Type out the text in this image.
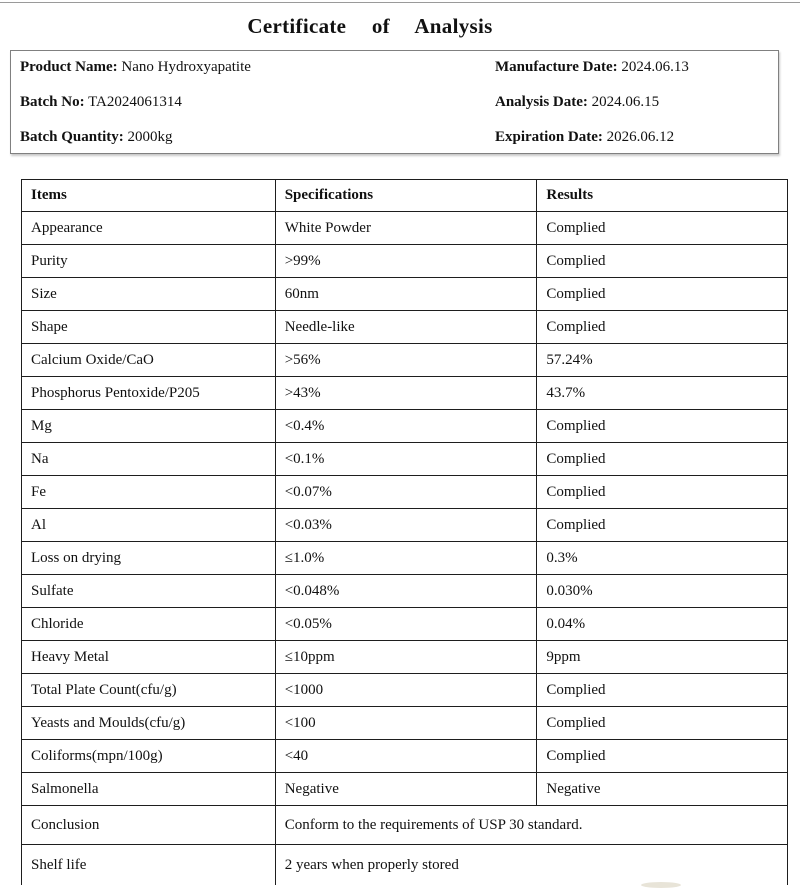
Certificate of Analysis
Product Name: Nano Hydroxyapatite
Batch No: TA2024061314
Batch Quantity: 2000kg
Manufacture Date: 2024.06.13
Analysis Date: 2024.06.15
Expiration Date: 2026.06.12
Items	Specifications	Results
Appearance	White Powder	Complied
Purity	>99%	Complied
Size	60nm	Complied
Shape	Needle-like	Complied
Calcium Oxide/CaO	>56%	57.24%
Phosphorus Pentoxide/P205	>43%	43.7%
Mg	<0.4%	Complied
Na	<0.1%	Complied
Fe	<0.07%	Complied
Al	<0.03%	Complied
Loss on drying	≤1.0%	0.3%
Sulfate	<0.048%	0.030%
Chloride	<0.05%	0.04%
Heavy Metal	≤10ppm	9ppm
Total Plate Count(cfu/g)	<1000	Complied
Yeasts and Moulds(cfu/g)	<100	Complied
Coliforms(mpn/100g)	<40	Complied
Salmonella	Negative	Negative
Conclusion	Conform to the requirements of USP 30 standard.	
Shelf life	2 years when properly stored	
